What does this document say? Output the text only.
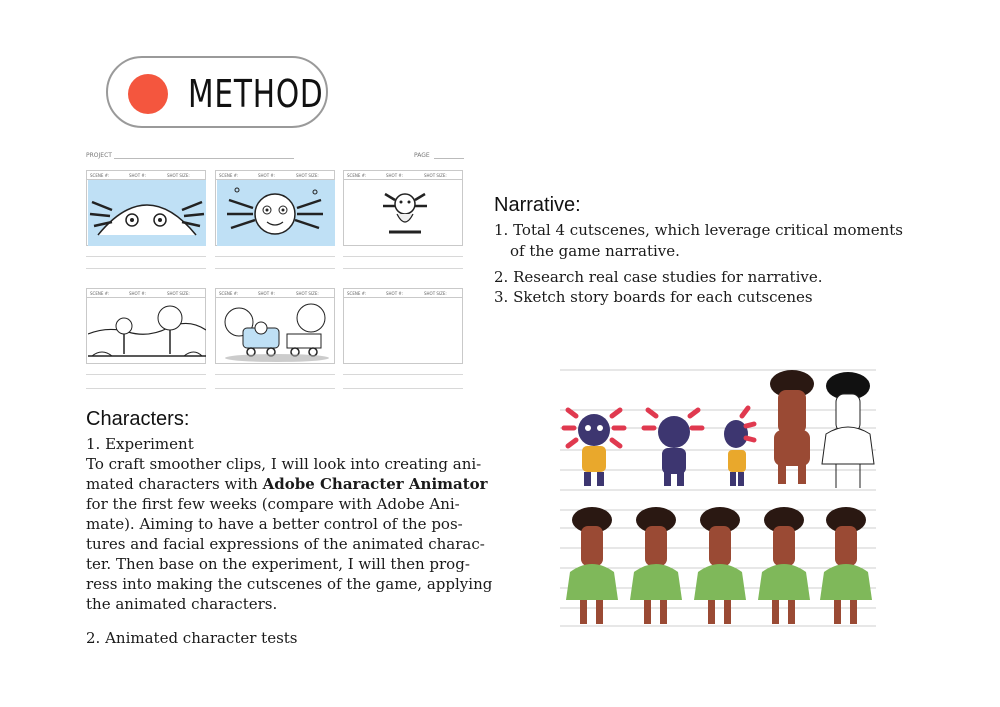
METHOD
PROJECT	PAGE
SCENE #:	SHOT #:	SHOT SIZE:	SCENE #:	SHOT #:	SHOT SIZE:	SCENE #:	SHOT #:	SHOT SIZE:
SCENE #:	SHOT #:	SHOT SIZE:	SCENE #:	SHOT #:	SHOT SIZE:	SCENE #:	SHOT #:	SHOT SIZE:
Narrative:

1. Total 4 cutscenes, which leverage critical moments

of the game narrative.

2. Research real case studies for narrative.

3. Sketch story boards for each cutscenes

Characters:

1. Experiment

To craft smoother clips, I will look into creating ani-

mated characters with Adobe Character Animator

for the first few weeks (compare with Adobe Ani-

mate). Aiming to have a better control of the pos-

tures and facial expressions of the animated charac-

ter. Then base on the experiment, I will then prog-

ress into making the cutscenes of the game, applying

the animated characters.

2. Animated character tests
